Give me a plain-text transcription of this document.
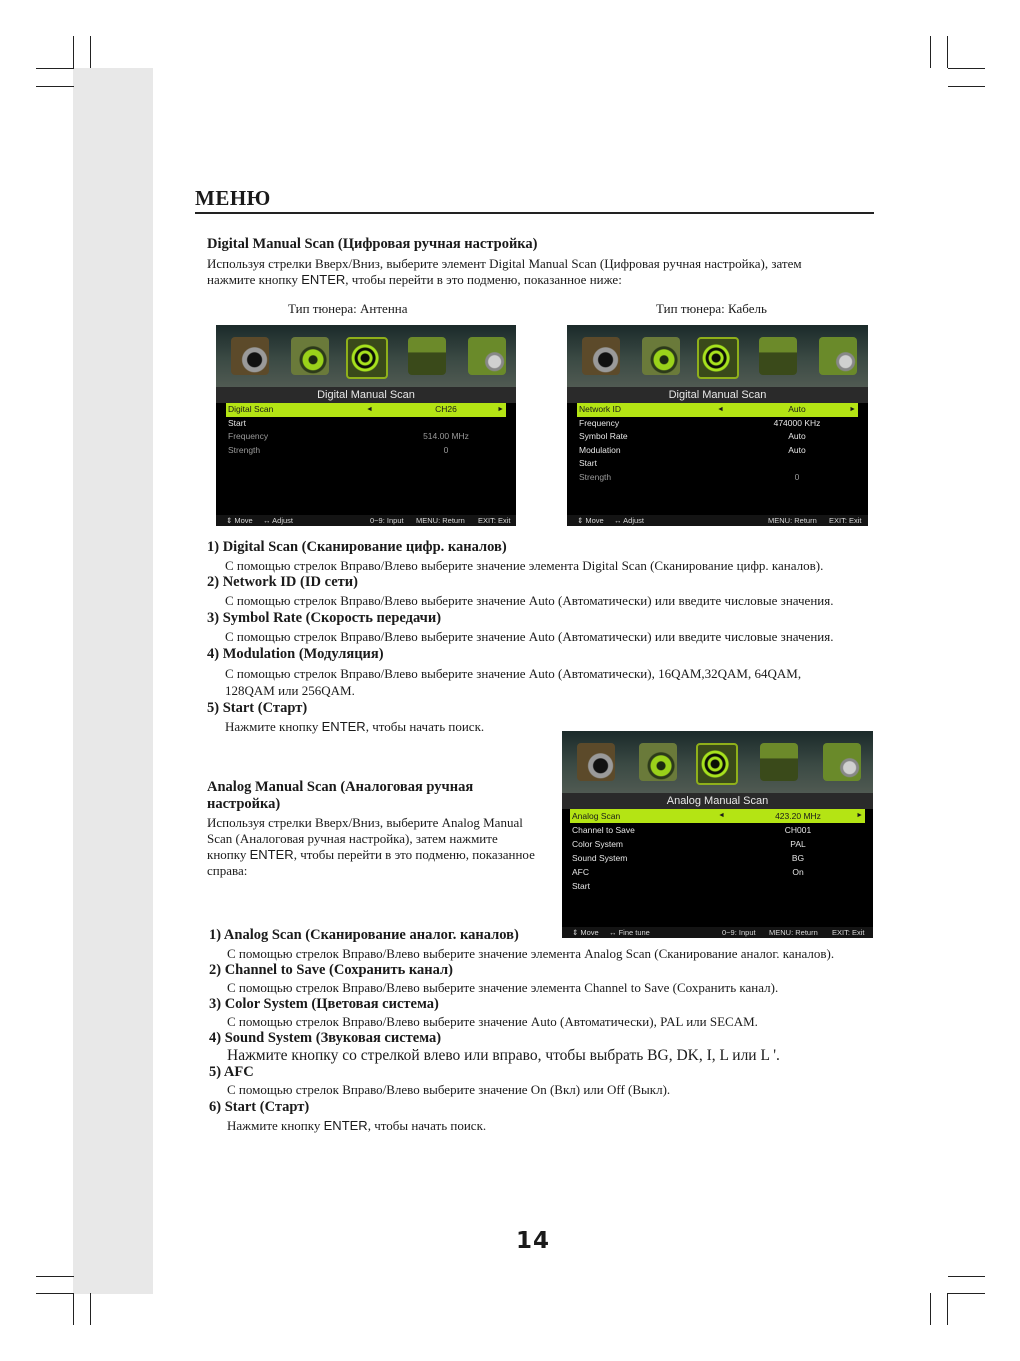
МЕНЮ
Digital Manual Scan (Цифровая ручная настройка)
Используя стрелки Вверх/Вниз, выберите элемент Digital Manual Scan (Цифровая ручная настройка), затем
нажмите кнопку ENTER, чтобы перейти в это подменю, показанное ниже:
Тип тюнера: Антенна	Тип тюнера: Кабель
Digital Manual Scan
Digital Scan	◄	CH26	►
Start
Frequency	514.00 MHz
Strength	0
⇕ Move ↔ Adjust	0~9: Input MENU: Return EXIT: Exit
Digital Manual Scan
Network ID	◄	Auto	►
Frequency	474000 KHz
Symbol Rate	Auto
Modulation	Auto
Start
Strength	0
⇕ Move ↔ Adjust	MENU: Return EXIT: Exit
1) Digital Scan (Сканирование цифр. каналов)
С помощью стрелок Вправо/Влево выберите значение элемента Digital Scan (Сканирование цифр. каналов).
2) Network ID (ID сети)
С помощью стрелок Вправо/Влево выберите значение Auto (Автоматически) или введите числовые значения.
3) Symbol Rate (Скорость передачи)
С помощью стрелок Вправо/Влево выберите значение Auto (Автоматически) или введите числовые значения.
4) Modulation (Модуляция)
С помощью стрелок Вправо/Влево выберите значение Auto (Автоматически), 16QAM,32QAM, 64QAM,
128QAM или 256QAM.
5) Start (Старт)
Нажмите кнопку ENTER, чтобы начать поиск.
Analog Manual Scan (Аналоговая ручная
настройка)
Используя стрелки Вверх/Вниз, выберите Analog Manual
Scan (Аналоговая ручная настройка), затем нажмите
кнопку ENTER, чтобы перейти в это подменю, показанное
справа:
Analog Manual Scan
Analog Scan	◄	423.20 MHz	►
Channel to Save	CH001
Color System	PAL
Sound System	BG
AFC	On
Start
⇕ Move ↔ Fine tune	0~9: Input MENU: Return EXIT: Exit
1) Analog Scan (Сканирование аналог. каналов)
С помощью стрелок Вправо/Влево выберите значение элемента Analog Scan (Сканирование аналог. каналов).
2) Channel to Save (Сохранить канал)
С помощью стрелок Вправо/Влево выберите значение элемента Channel to Save (Сохранить канал).
3) Color System (Цветовая система)
С помощью стрелок Вправо/Влево выберите значение Auto (Автоматически), PAL или SECAM.
4) Sound System (Звуковая система)
Нажмите кнопку со стрелкой влево или вправо, чтобы выбрать BG, DK, I, L или L '.
5) AFC
С помощью стрелок Вправо/Влево выберите значение On (Вкл) или Off (Выкл).
6) Start (Старт)
Нажмите кнопку ENTER, чтобы начать поиск.
14
